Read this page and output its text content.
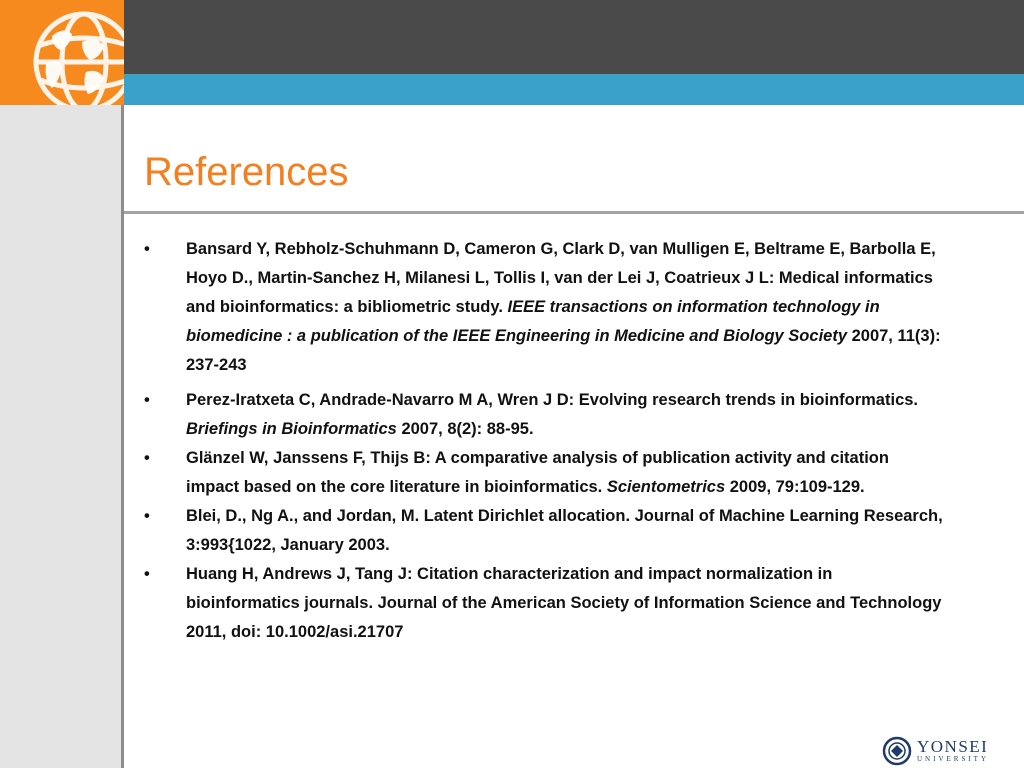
References
•	Bansard Y, Rebholz-Schuhmann D, Cameron G, Clark D, van Mulligen E, Beltrame E, Barbolla E, Hoyo D., Martin-Sanchez H, Milanesi L, Tollis I, van der Lei J, Coatrieux J L: Medical informatics and bioinformatics: a bibliometric study. IEEE transactions on information technology in biomedicine : a publication of the IEEE Engineering in Medicine and Biology Society 2007, 11(3): 237-243
•	Perez-Iratxeta C, Andrade-Navarro M A, Wren J D: Evolving research trends in bioinformatics. Briefings in Bioinformatics 2007, 8(2): 88-95.
•	Glänzel W, Janssens F, Thijs B: A comparative analysis of publication activity and citation impact based on the core literature in bioinformatics. Scientometrics 2009, 79:109-129.
•	Blei, D., Ng A., and Jordan, M. Latent Dirichlet allocation. Journal of Machine Learning Research, 3:993{1022, January 2003.
•	Huang H, Andrews J, Tang J: Citation characterization and impact normalization in bioinformatics journals. Journal of the American Society of Information Science and Technology 2011, doi: 10.1002/asi.21707
YONSEI
UNIVERSITY
